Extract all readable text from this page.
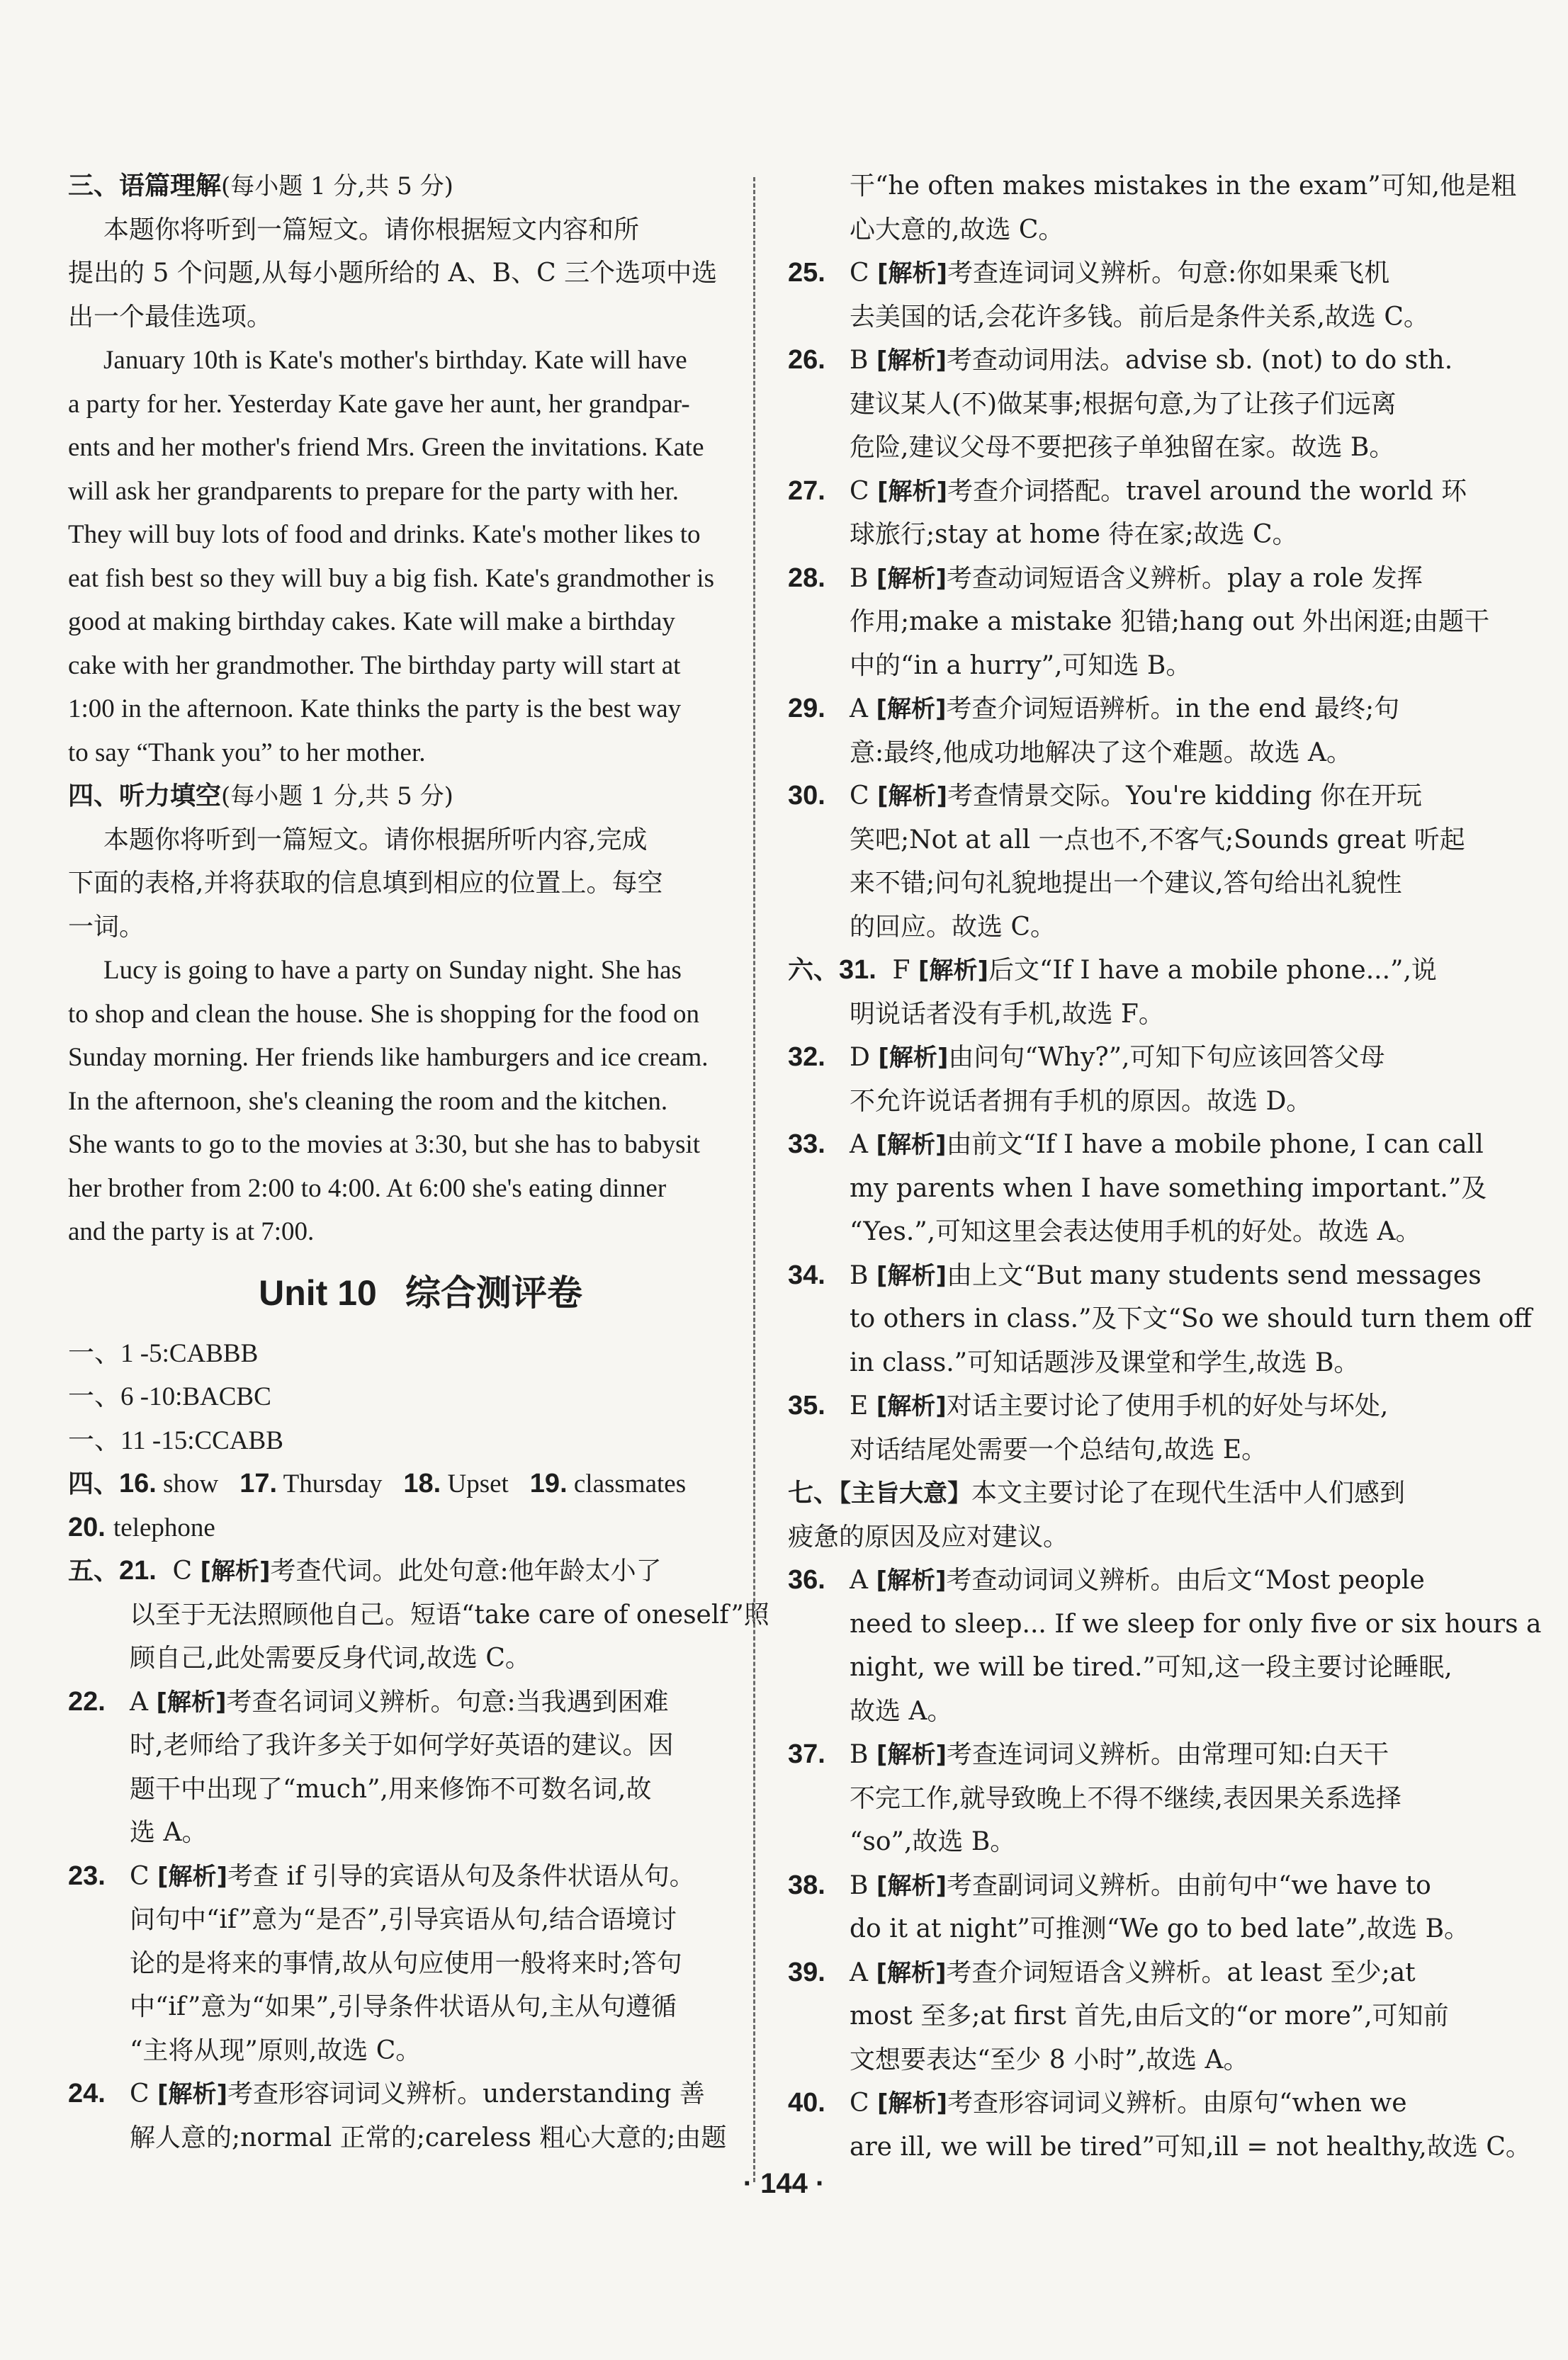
三、语篇理解(每小题 1 分,共 5 分)
本题你将听到一篇短文。请你根据短文内容和所
提出的 5 个问题,从每小题所给的 A、B、C 三个选项中选
出一个最佳选项。
January 10th is Kate's mother's birthday. Kate will have
a party for her. Yesterday Kate gave her aunt, her grandpar-
ents and her mother's friend Mrs. Green the invitations. Kate
will ask her grandparents to prepare for the party with her.
They will buy lots of food and drinks. Kate's mother likes to
eat fish best so they will buy a big fish. Kate's grandmother is
good at making birthday cakes. Kate will make a birthday
cake with her grandmother. The birthday party will start at
1:00 in the afternoon. Kate thinks the party is the best way
to say “Thank you” to her mother.
四、听力填空(每小题 1 分,共 5 分)
本题你将听到一篇短文。请你根据所听内容,完成
下面的表格,并将获取的信息填到相应的位置上。每空
一词。
Lucy is going to have a party on Sunday night. She has
to shop and clean the house. She is shopping for the food on
Sunday morning. Her friends like hamburgers and ice cream.
In the afternoon, she's cleaning the room and the kitchen.
She wants to go to the movies at 3:30, but she has to babysit
her brother from 2:00 to 4:00. At 6:00 she's eating dinner
and the party is at 7:00.
Unit 10 综合测评卷
一、1 -5:CABBB
一、6 -10:BACBC
一、11 -15:CCABB
四、16. show 17. Thursday 18. Upset 19. classmates
20. telephone
五、21. C [解析]考查代词。此处句意:他年龄太小了
以至于无法照顾他自己。短语“take care of oneself”照
顾自己,此处需要反身代词,故选 C。
22. A [解析]考查名词词义辨析。句意:当我遇到困难
时,老师给了我许多关于如何学好英语的建议。因
题干中出现了“much”,用来修饰不可数名词,故
选 A。
23. C [解析]考查 if 引导的宾语从句及条件状语从句。
问句中“if”意为“是否”,引导宾语从句,结合语境讨
论的是将来的事情,故从句应使用一般将来时;答句
中“if”意为“如果”,引导条件状语从句,主从句遵循
“主将从现”原则,故选 C。
24. C [解析]考查形容词词义辨析。understanding 善
解人意的;normal 正常的;careless 粗心大意的;由题
干“he often makes mistakes in the exam”可知,他是粗
心大意的,故选 C。
25. C [解析]考查连词词义辨析。句意:你如果乘飞机
去美国的话,会花许多钱。前后是条件关系,故选 C。
26. B [解析]考查动词用法。advise sb. (not) to do sth.
建议某人(不)做某事;根据句意,为了让孩子们远离
危险,建议父母不要把孩子单独留在家。故选 B。
27. C [解析]考查介词搭配。travel around the world 环
球旅行;stay at home 待在家;故选 C。
28. B [解析]考查动词短语含义辨析。play a role 发挥
作用;make a mistake 犯错;hang out 外出闲逛;由题干
中的“in a hurry”,可知选 B。
29. A [解析]考查介词短语辨析。in the end 最终;句
意:最终,他成功地解决了这个难题。故选 A。
30. C [解析]考查情景交际。You're kidding 你在开玩
笑吧;Not at all 一点也不,不客气;Sounds great 听起
来不错;问句礼貌地提出一个建议,答句给出礼貌性
的回应。故选 C。
六、31. F [解析]后文“If I have a mobile phone...”,说
明说话者没有手机,故选 F。
32. D [解析]由问句“Why?”,可知下句应该回答父母
不允许说话者拥有手机的原因。故选 D。
33. A [解析]由前文“If I have a mobile phone, I can call
my parents when I have something important.”及
“Yes.”,可知这里会表达使用手机的好处。故选 A。
34. B [解析]由上文“But many students send messages
to others in class.”及下文“So we should turn them off
in class.”可知话题涉及课堂和学生,故选 B。
35. E [解析]对话主要讨论了使用手机的好处与坏处,
对话结尾处需要一个总结句,故选 E。
七、【主旨大意】本文主要讨论了在现代生活中人们感到
疲惫的原因及应对建议。
36. A [解析]考查动词词义辨析。由后文“Most people
need to sleep... If we sleep for only five or six hours a
night, we will be tired.”可知,这一段主要讨论睡眠,
故选 A。
37. B [解析]考查连词词义辨析。由常理可知:白天干
不完工作,就导致晚上不得不继续,表因果关系选择
“so”,故选 B。
38. B [解析]考查副词词义辨析。由前句中“we have to
do it at night”可推测“We go to bed late”,故选 B。
39. A [解析]考查介词短语含义辨析。at least 至少;at
most 至多;at first 首先,由后文的“or more”,可知前
文想要表达“至少 8 小时”,故选 A。
40. C [解析]考查形容词词义辨析。由原句“when we
are ill, we will be tired”可知,ill = not healthy,故选 C。
· 144 ·
